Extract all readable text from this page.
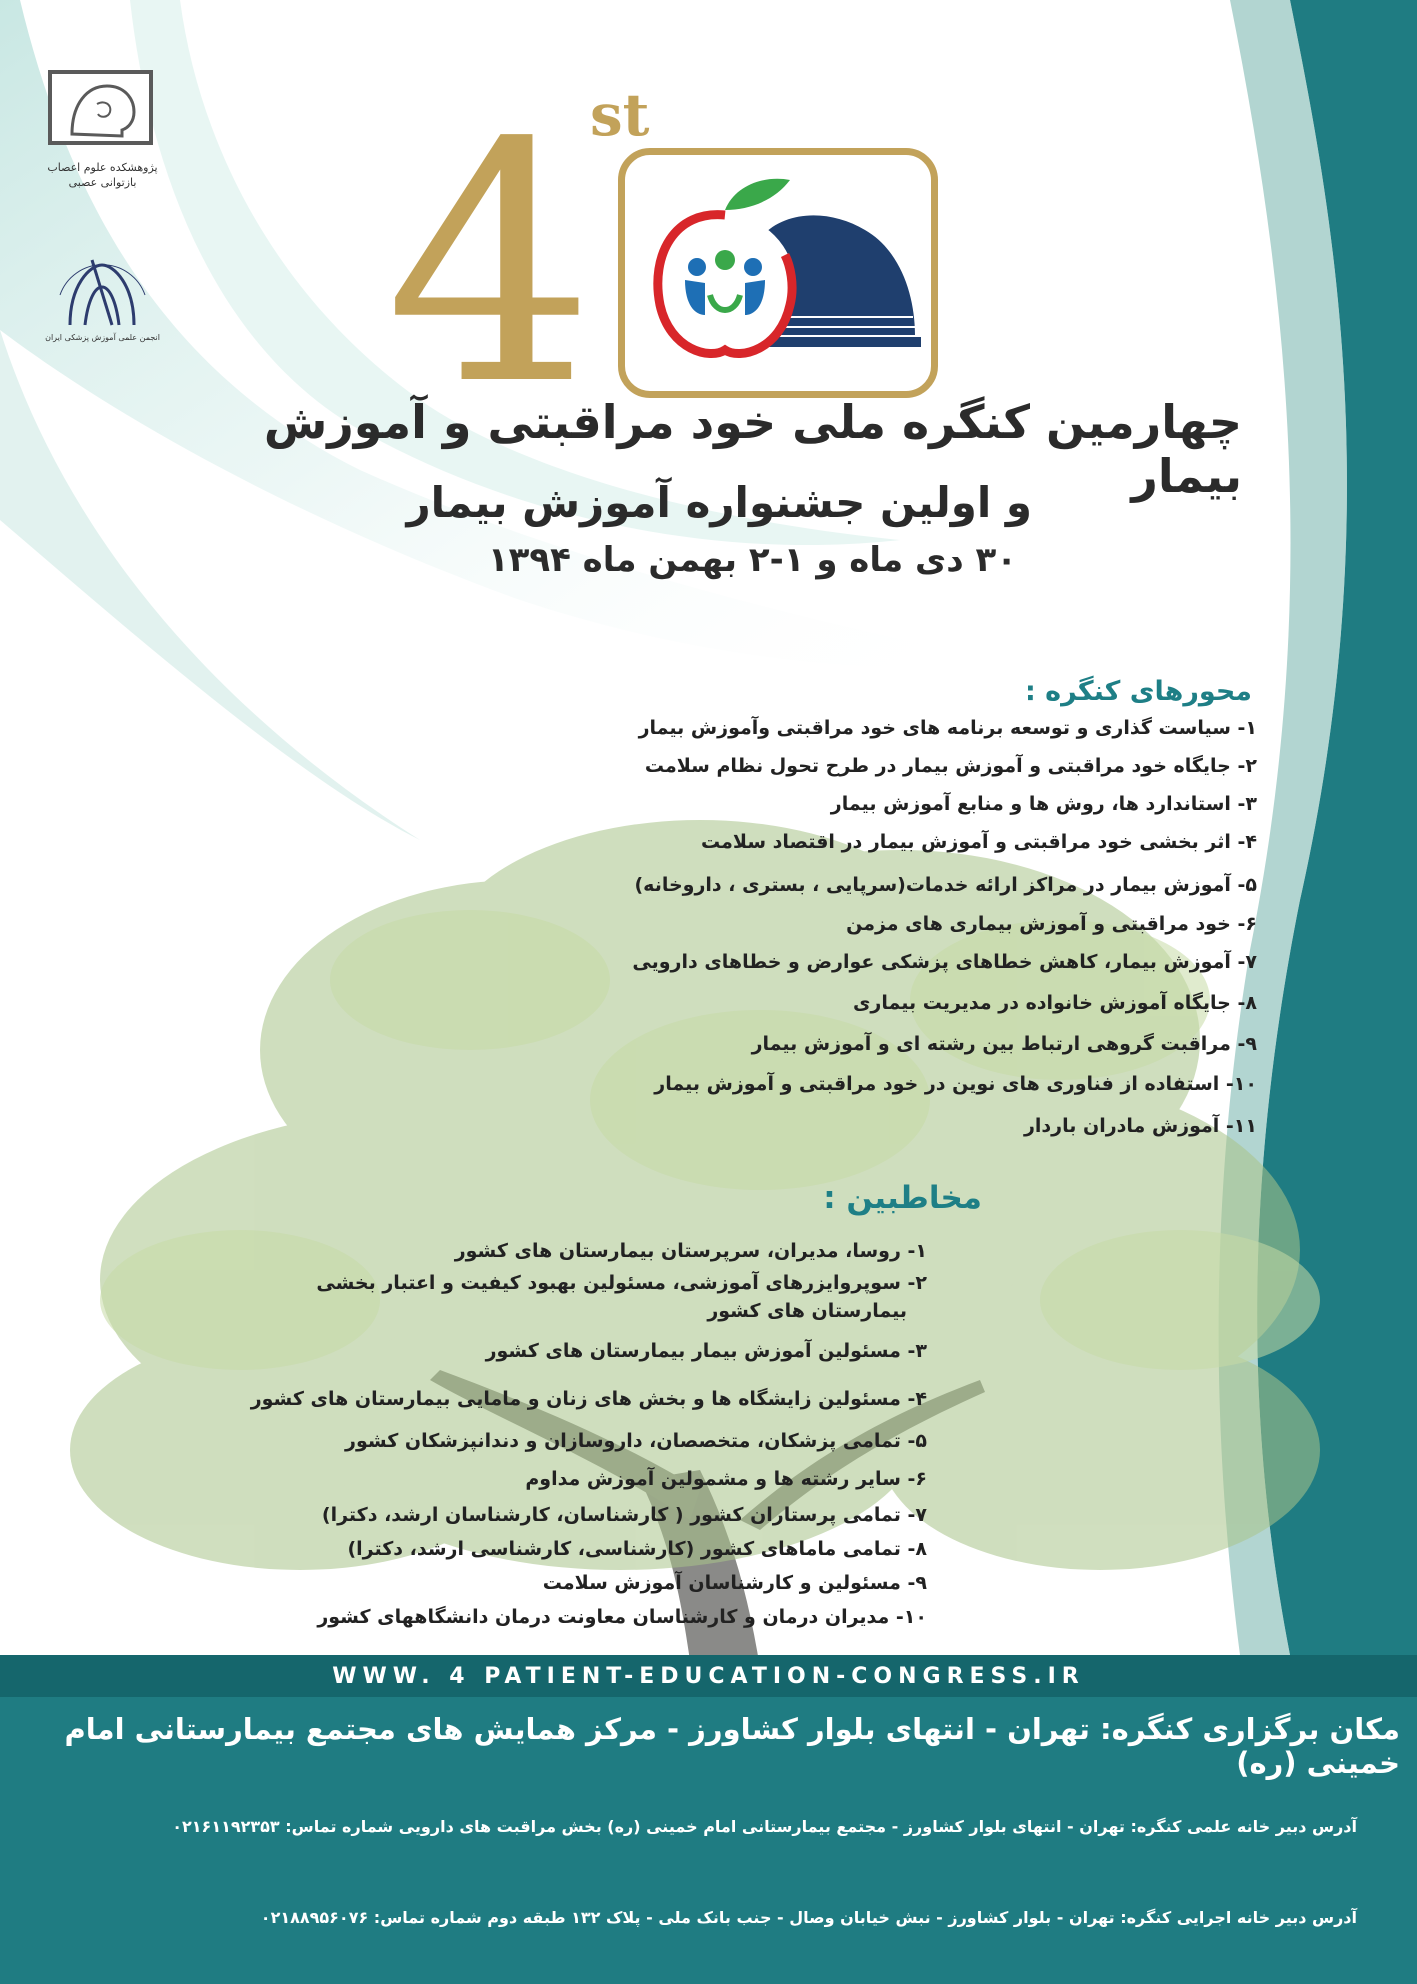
پژوهشکده علوم اعصاب بازتوانی عصبی
انجمن علمی آموزش پزشکی ایران 4
st
چهارمین کنگره ملی خود مراقبتی و آموزش بیمار
و اولین جشنواره آموزش بیمار
۳۰ دی ماه و ۱-۲ بهمن ماه ۱۳۹۴
محورهای کنگره :
۱- سیاست گذاری و توسعه برنامه های خود مراقبتی وآموزش بیمار
۲- جایگاه خود مراقبتی و آموزش بیمار در طرح تحول نظام سلامت
۳- استاندارد ها، روش ها و منابع آموزش بیمار
۴- اثر بخشی خود مراقبتی و آموزش بیمار در اقتصاد سلامت
۵- آموزش بیمار در مراکز ارائه خدمات(سرپایی ، بستری ، داروخانه)
۶- خود مراقبتی و آموزش بیماری های مزمن
۷- آموزش بیمار، کاهش خطاهای پزشکی عوارض و خطاهای دارویی
۸- جایگاه آموزش خانواده در مدیریت بیماری
۹- مراقبت گروهی ارتباط بین رشته ای و آموزش بیمار
۱۰- استفاده از فناوری های نوین در خود مراقبتی و آموزش بیمار
۱۱- آموزش مادران باردار
مخاطبین :
۱- روسا، مدیران، سرپرستان بیمارستان های کشور
۲- سوپروایزرهای آموزشی، مسئولین بهبود کیفیت و اعتبار بخشی
بیمارستان های کشور
۳- مسئولین آموزش بیمار بیمارستان های کشور
۴- مسئولین زایشگاه ها و بخش های زنان و مامایی بیمارستان های کشور
۵- تمامی پزشکان، متخصصان، داروسازان و دندانپزشکان کشور
۶- سایر رشته ها و مشمولین آموزش مداوم
۷- تمامی پرستاران کشور ( کارشناسان، کارشناسان ارشد، دکترا)
۸- تمامی ماماهای کشور (کارشناسی، کارشناسی ارشد، دکترا)
۹- مسئولین و کارشناسان آموزش سلامت
۱۰- مدیران درمان و کارشناسان معاونت درمان دانشگاههای کشور
WWW. 4 PATIENT-EDUCATION-CONGRESS.IR
مکان برگزاری کنگره: تهران - انتهای بلوار کشاورز - مرکز همایش های مجتمع بیمارستانی امام خمینی (ره)
آدرس دبیر خانه علمی کنگره: تهران - انتهای بلوار کشاورز - مجتمع بیمارستانی امام خمینی (ره) بخش مراقبت های دارویی شماره تماس: ۰۲۱۶۱۱۹۲۳۵۳
آدرس دبیر خانه اجرایی کنگره: تهران - بلوار کشاورز - نبش خیابان وصال - جنب بانک ملی - پلاک ۱۳۲ طبقه دوم شماره تماس: ۰۲۱۸۸۹۵۶۰۷۶
